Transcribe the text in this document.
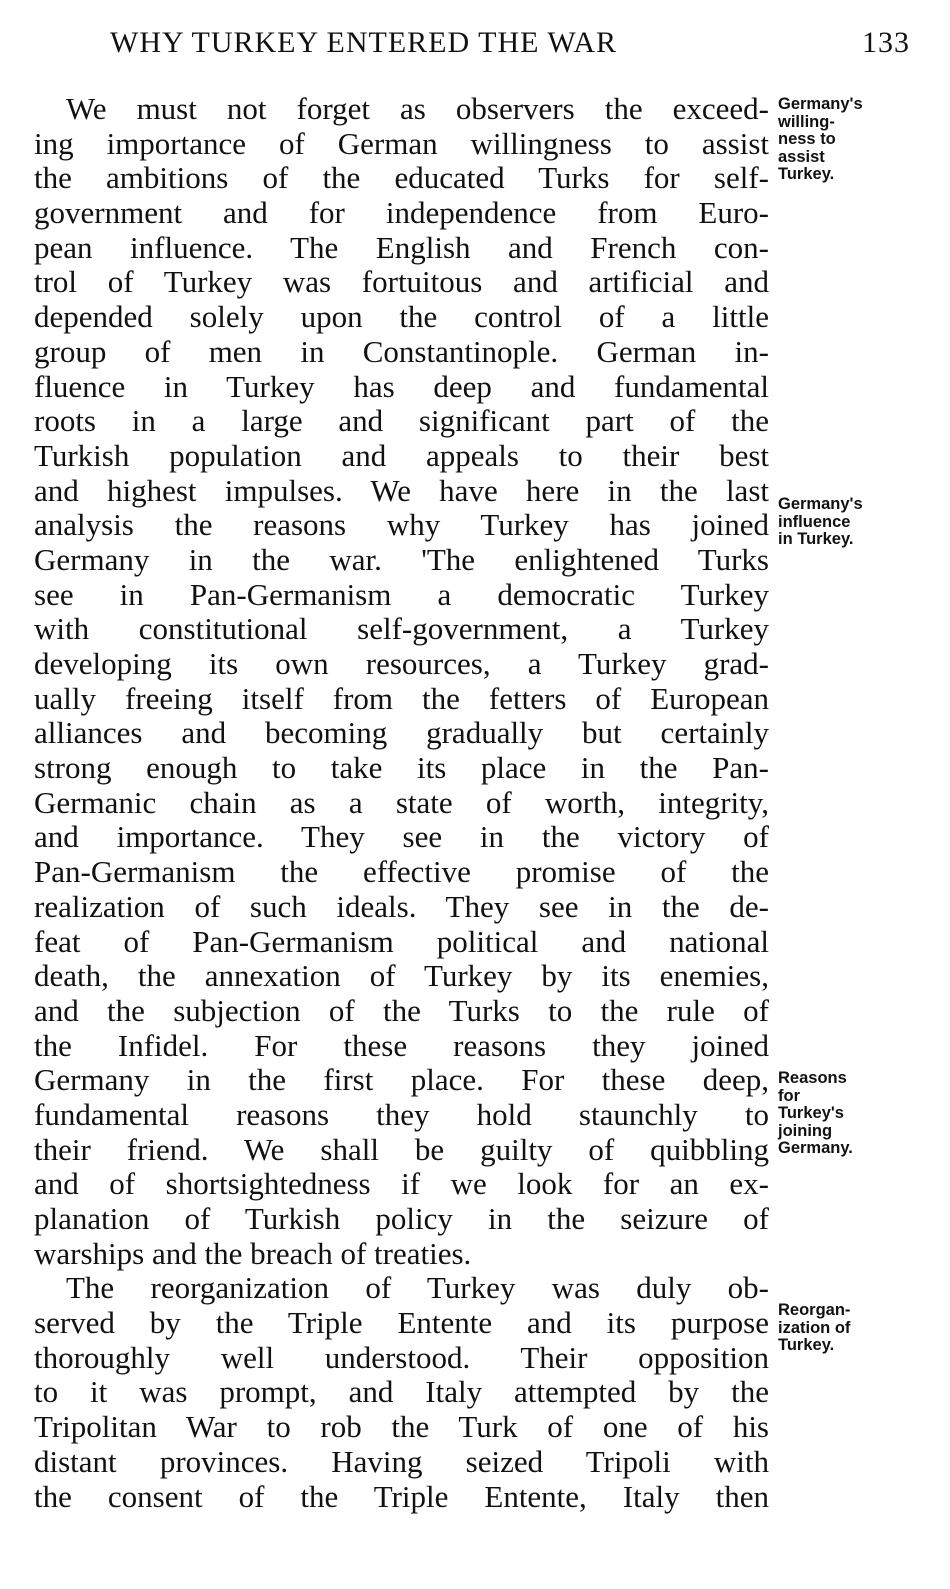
WHY TURKEY ENTERED THE WAR	133
We must not forget as observers the exceed-
ing importance of German willingness to assist
the ambitions of the educated Turks for self-
government and for independence from Euro-
pean influence. The English and French con-
trol of Turkey was fortuitous and artificial and
depended solely upon the control of a little
group of men in Constantinople. German in-
fluence in Turkey has deep and fundamental
roots in a large and significant part of the
Turkish population and appeals to their best
and highest impulses. We have here in the last
analysis the reasons why Turkey has joined
Germany in the war. 'The enlightened Turks
see in Pan-Germanism a democratic Turkey
with constitutional self-government, a Turkey
developing its own resources, a Turkey grad-
ually freeing itself from the fetters of European
alliances and becoming gradually but certainly
strong enough to take its place in the Pan-
Germanic chain as a state of worth, integrity,
and importance. They see in the victory of
Pan-Germanism the effective promise of the
realization of such ideals. They see in the de-
feat of Pan-Germanism political and national
death, the annexation of Turkey by its enemies,
and the subjection of the Turks to the rule of
the Infidel. For these reasons they joined
Germany in the first place. For these deep,
fundamental reasons they hold staunchly to
their friend. We shall be guilty of quibbling
and of shortsightedness if we look for an ex-
planation of Turkish policy in the seizure of
warships and the breach of treaties.
The reorganization of Turkey was duly ob-
served by the Triple Entente and its purpose
thoroughly well understood. Their opposition
to it was prompt, and Italy attempted by the
Tripolitan War to rob the Turk of one of his
distant provinces. Having seized Tripoli with
the consent of the Triple Entente, Italy then
Germany's
willing-
ness to
assist
Turkey.
Germany's
influence
in Turkey.
Reasons
for
Turkey's
joining
Germany.
Reorgan-
ization of
Turkey.
